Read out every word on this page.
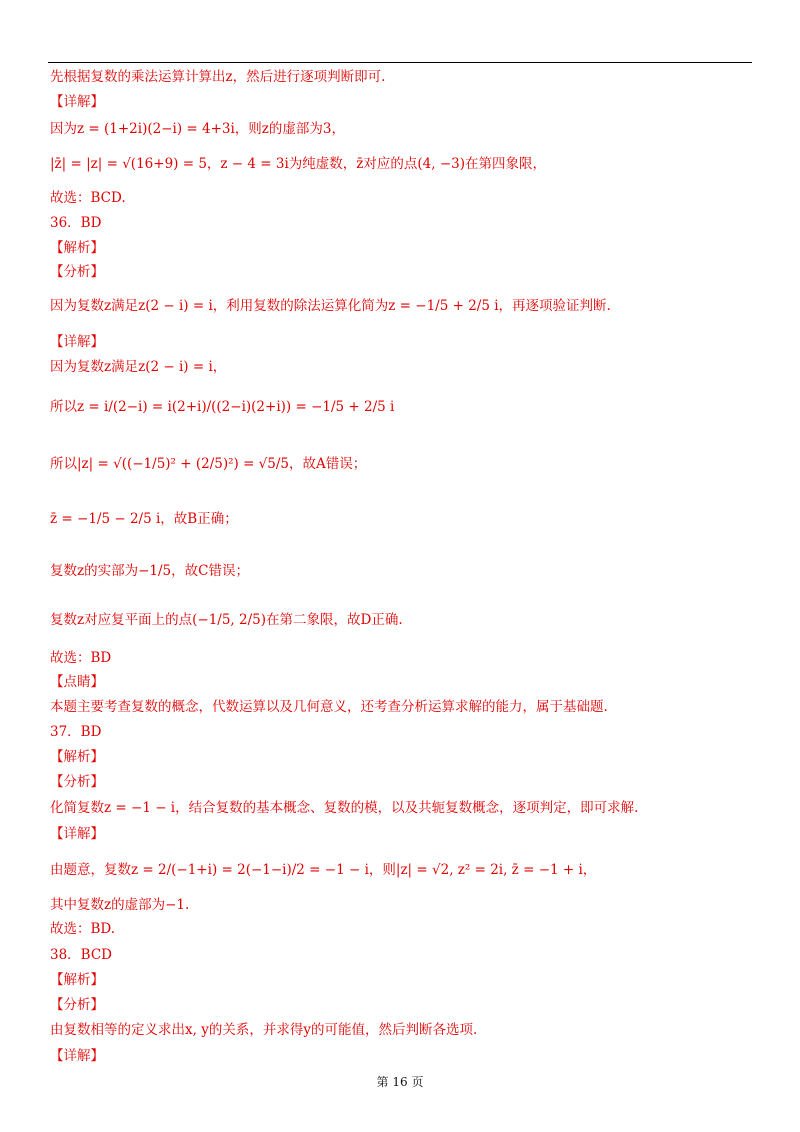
先根据复数的乘法运算计算出z，然后进行逐项判断即可.
【详解】
因为z = (1+2i)(2−i) = 4+3i，则z的虚部为3，
|z̄| = |z| = √(16+9) = 5，z − 4 = 3i为纯虚数，z̄对应的点(4, −3)在第四象限，
故选：BCD.
36．BD
【解析】
【分析】
因为复数z满足z(2 − i) = i，利用复数的除法运算化简为z = −1/5 + 2/5 i，再逐项验证判断.
【详解】
因为复数z满足z(2 − i) = i，
所以z = i/(2−i) = i(2+i)/((2−i)(2+i)) = −1/5 + 2/5 i
所以|z| = √((−1/5)² + (2/5)²) = √5/5，故A错误；
z̄ = −1/5 − 2/5 i，故B正确；
复数z的实部为−1/5，故C错误；
复数z对应复平面上的点(−1/5, 2/5)在第二象限，故D正确.
故选：BD
【点睛】
本题主要考查复数的概念，代数运算以及几何意义，还考查分析运算求解的能力，属于基础题.
37．BD
【解析】
【分析】
化简复数z = −1 − i，结合复数的基本概念、复数的模，以及共轭复数概念，逐项判定，即可求解.
【详解】
由题意，复数z = 2/(−1+i) = 2(−1−i)/2 = −1 − i，则|z| = √2, z² = 2i, z̄ = −1 + i，
其中复数z的虚部为−1.
故选：BD.
38．BCD
【解析】
【分析】
由复数相等的定义求出x, y的关系，并求得y的可能值，然后判断各选项.
【详解】
第 16 页
